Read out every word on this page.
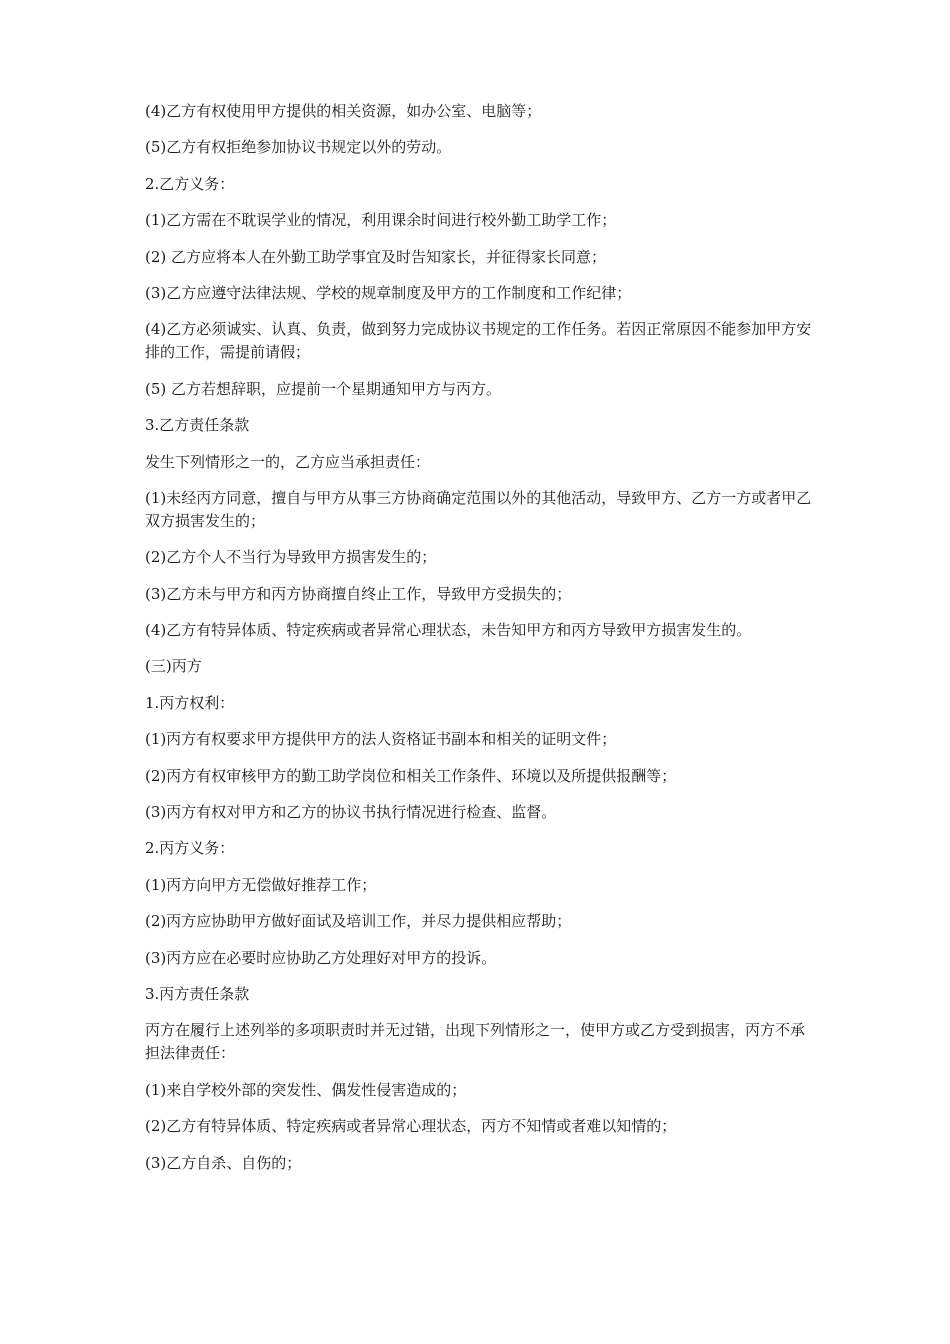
(4)乙方有权使用甲方提供的相关资源，如办公室、电脑等；

(5)乙方有权拒绝参加协议书规定以外的劳动。

2.乙方义务：

(1)乙方需在不耽误学业的情况，利用课余时间进行校外勤工助学工作；

(2) 乙方应将本人在外勤工助学事宜及时告知家长，并征得家长同意；

(3)乙方应遵守法律法规、学校的规章制度及甲方的工作制度和工作纪律；

(4)乙方必须诚实、认真、负责，做到努力完成协议书规定的工作任务。若因正常原因不能参加甲方安排的工作，需提前请假；

(5) 乙方若想辞职，应提前一个星期通知甲方与丙方。

3.乙方责任条款

发生下列情形之一的，乙方应当承担责任：

(1)未经丙方同意，擅自与甲方从事三方协商确定范围以外的其他活动，导致甲方、乙方一方或者甲乙双方损害发生的；

(2)乙方个人不当行为导致甲方损害发生的；

(3)乙方未与甲方和丙方协商擅自终止工作，导致甲方受损失的；

(4)乙方有特异体质、特定疾病或者异常心理状态，未告知甲方和丙方导致甲方损害发生的。

(三)丙方

1.丙方权利：

(1)丙方有权要求甲方提供甲方的法人资格证书副本和相关的证明文件；

(2)丙方有权审核甲方的勤工助学岗位和相关工作条件、环境以及所提供报酬等；

(3)丙方有权对甲方和乙方的协议书执行情况进行检查、监督。

2.丙方义务：

(1)丙方向甲方无偿做好推荐工作；

(2)丙方应协助甲方做好面试及培训工作，并尽力提供相应帮助；

(3)丙方应在必要时应协助乙方处理好对甲方的投诉。

3.丙方责任条款

丙方在履行上述列举的多项职责时并无过错，出现下列情形之一，使甲方或乙方受到损害，丙方不承担法律责任：

(1)来自学校外部的突发性、偶发性侵害造成的；

(2)乙方有特异体质、特定疾病或者异常心理状态，丙方不知情或者难以知情的；

(3)乙方自杀、自伤的；
